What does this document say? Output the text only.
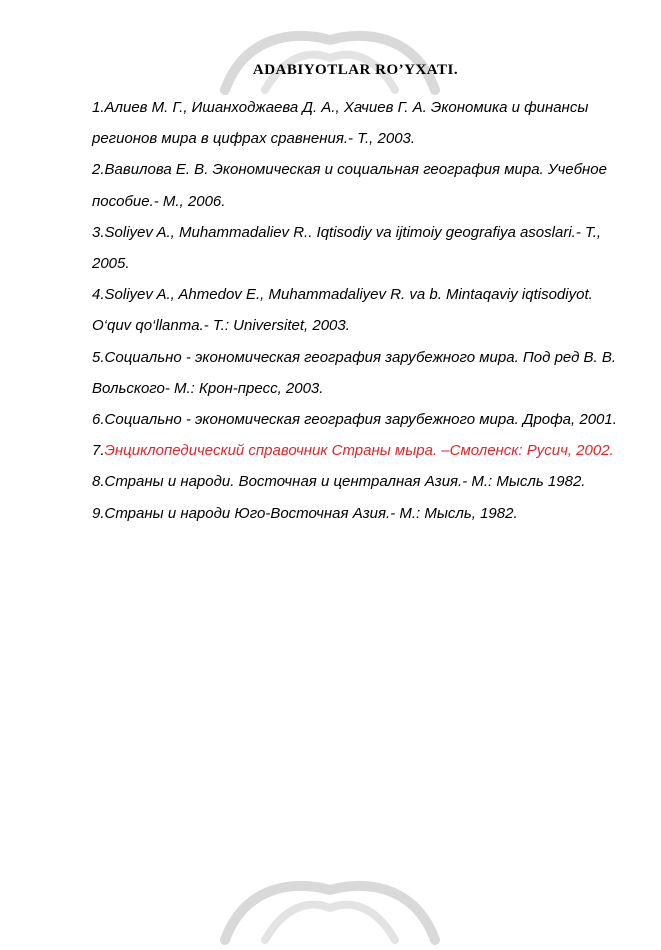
ADABIYOTLAR RO’YXATI.
1.Алиев М. Г., Ишанходжаева Д. А., Хачиев Г. А. Экономика и финансы регионов мира в цифрах сравнения.- Т., 2003.
2.Вавилова Е. В. Экономическая и социальная география мира. Учебное пособие.- М., 2006.
3.Soliyev A., Muhammadaliev R.. Iqtisodiy va ijtimoiy geografiya asoslari.- T., 2005.
4.Soliyev A., Ahmedov E., Muhammadaliyev R. va b. Mintaqaviy iqtisodiyot. O‘quv qo‘llanma.- T.: Universitet, 2003.
5.Социально - экономическая география зарубежного мира. Под ред В. В. Вольского- М.: Крон-пресс, 2003.
6.Социально - экономическая география зарубежного мира. Дрофа, 2001.
7.Энциклопедический справочник Страны мыра. –Смоленск: Русич, 2002.
8.Страны и народи. Восточная и централная Азия.- М.: Мысль 1982.
9.Страны и народи Юго-Восточная Азия.- М.: Мысль, 1982.
